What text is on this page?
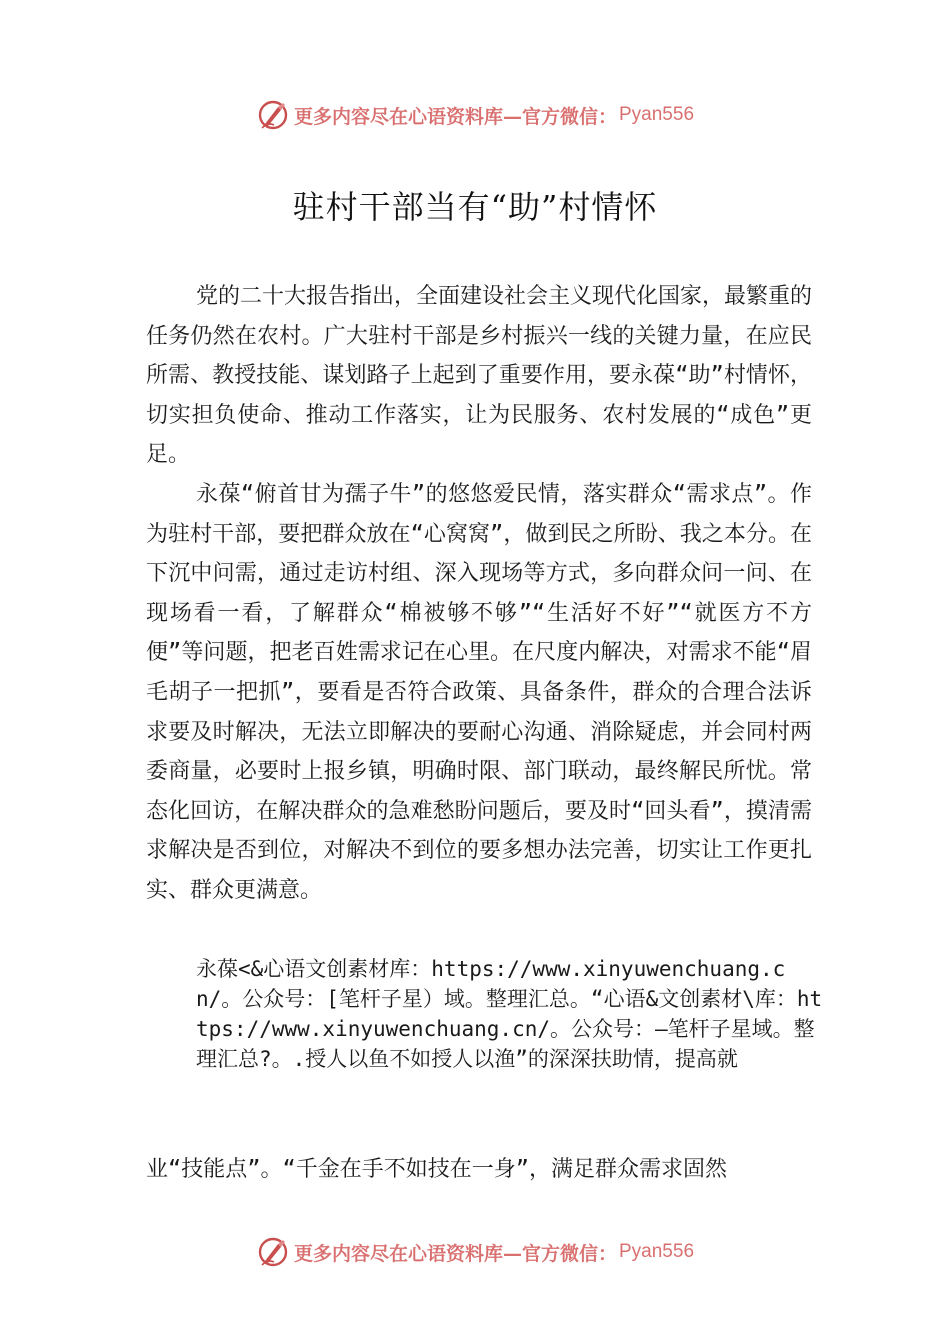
更多内容尽在心语资料库—官方微信： Pyan556
驻村干部当有“助”村情怀

党的二十大报告指出，全面建设社会主义现代化国家，最繁重的任务仍然在农村。广大驻村干部是乡村振兴一线的关键力量，在应民所需、教授技能、谋划路子上起到了重要作用，要永葆“助”村情怀，切实担负使命、推动工作落实，让为民服务、农村发展的“成色”更足。

永葆“俯首甘为孺子牛”的悠悠爱民情，落实群众“需求点”。作为驻村干部，要把群众放在“心窝窝”，做到民之所盼、我之本分。在下沉中问需，通过走访村组、深入现场等方式，多向群众问一问、在现场看一看，了解群众“棉被够不够”“生活好不好”“就医方不方便”等问题，把老百姓需求记在心里。在尺度内解决，对需求不能“眉毛胡子一把抓”，要看是否符合政策、具备条件，群众的合理合法诉求要及时解决，无法立即解决的要耐心沟通、消除疑虑，并会同村两委商量，必要时上报乡镇，明确时限、部门联动，最终解民所忧。常态化回访，在解决群众的急难愁盼问题后，要及时“回头看”，摸清需求解决是否到位，对解决不到位的要多想办法完善，切实让工作更扎实、群众更满意。

永葆<&心语文创素材库：https://www.xinyuwenchuang.cn/。公众号：[笔杆子星）域。整理汇总。“心语&文创素材\库：https://www.xinyuwenchuang.cn/。公众号：—笔杆子星域。整理汇总?。.授人以鱼不如授人以渔”的深深扶助情，提高就

业“技能点”。“千金在手不如技在一身”，满足群众需求固然

更多内容尽在心语资料库—官方微信： Pyan556
